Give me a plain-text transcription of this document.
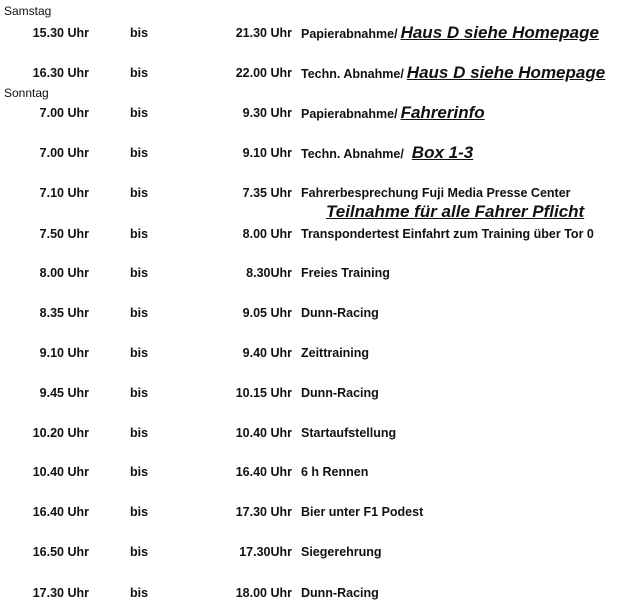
Samstag
Sonntag
15.30 Uhr	bis	21.30 Uhr Papierabnahme/ Haus D siehe Homepage
16.30 Uhr	bis	22.00 Uhr Techn. Abnahme/ Haus D siehe Homepage
7.00 Uhr	bis	9.30 Uhr Papierabnahme/ Fahrerinfo
7.00 Uhr	bis	9.10 Uhr Techn. Abnahme/ Box 1-3
7.10 Uhr	bis	7.35 Uhr Fahrerbesprechung Fuji Media Presse Center
7.50 Uhr	bis	8.00 Uhr Transpondertest Einfahrt zum Training über Tor 0
8.00 Uhr	bis	8.30Uhr Freies Training
8.35 Uhr	bis	9.05 Uhr Dunn-Racing
9.10 Uhr	bis	9.40 Uhr Zeittraining
9.45 Uhr	bis	10.15 Uhr Dunn-Racing
10.20 Uhr	bis	10.40 Uhr Startaufstellung
10.40 Uhr	bis	16.40 Uhr 6 h Rennen
16.40 Uhr	bis	17.30 Uhr Bier unter F1 Podest
16.50 Uhr	bis	17.30Uhr Siegerehrung
17.30 Uhr	bis	18.00 Uhr Dunn-Racing
Teilnahme für alle Fahrer Pflicht
